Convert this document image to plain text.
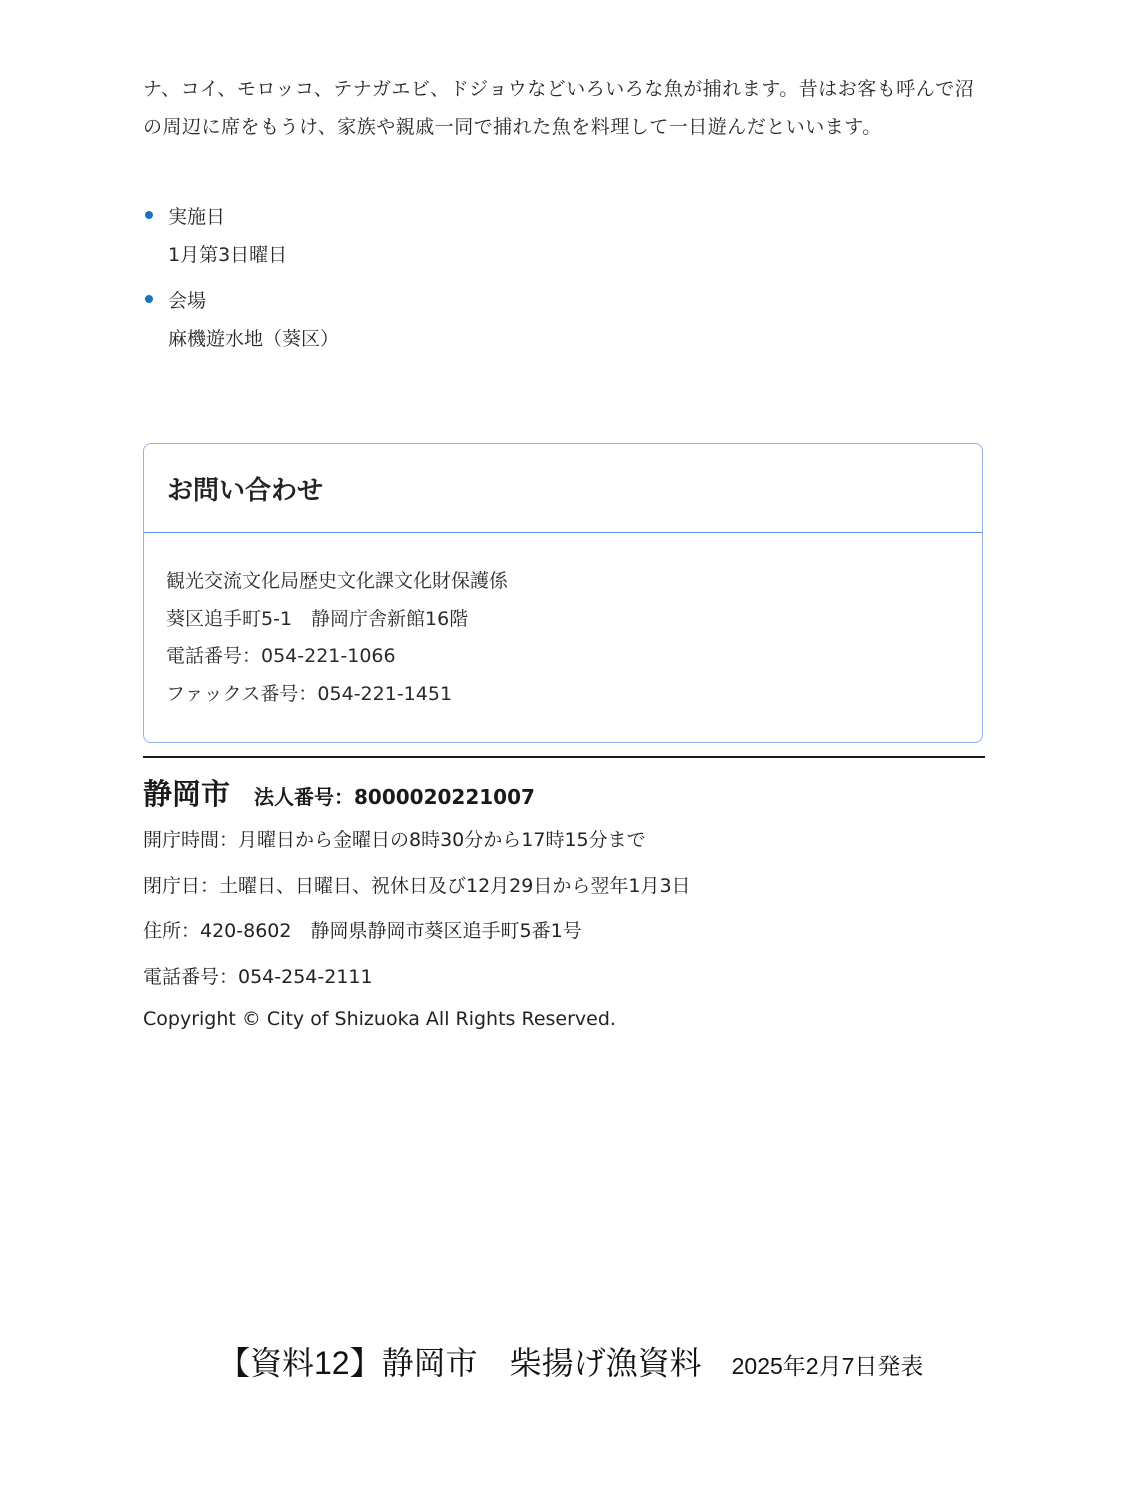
ナ、コイ、モロッコ、テナガエビ、ドジョウなどいろいろな魚が捕れます。昔はお客も呼んで沼の周辺に席をもうけ、家族や親戚一同で捕れた魚を料理して一日遊んだといいます。
実施日
1月第3日曜日
会場
麻機遊水地（葵区）
お問い合わせ
観光交流文化局歴史文化課文化財保護係
葵区追手町5-1　静岡庁舎新館16階
電話番号：054-221-1066
ファックス番号：054-221-1451
静岡市 法人番号：8000020221007
開庁時間：月曜日から金曜日の8時30分から17時15分まで
閉庁日：土曜日、日曜日、祝休日及び12月29日から翌年1月3日
住所：420-8602　静岡県静岡市葵区追手町5番1号
電話番号：054-254-2111
Copyright © City of Shizuoka All Rights Reserved.
【資料12】静岡市　柴揚げ漁資料 2025年2月7日発表
